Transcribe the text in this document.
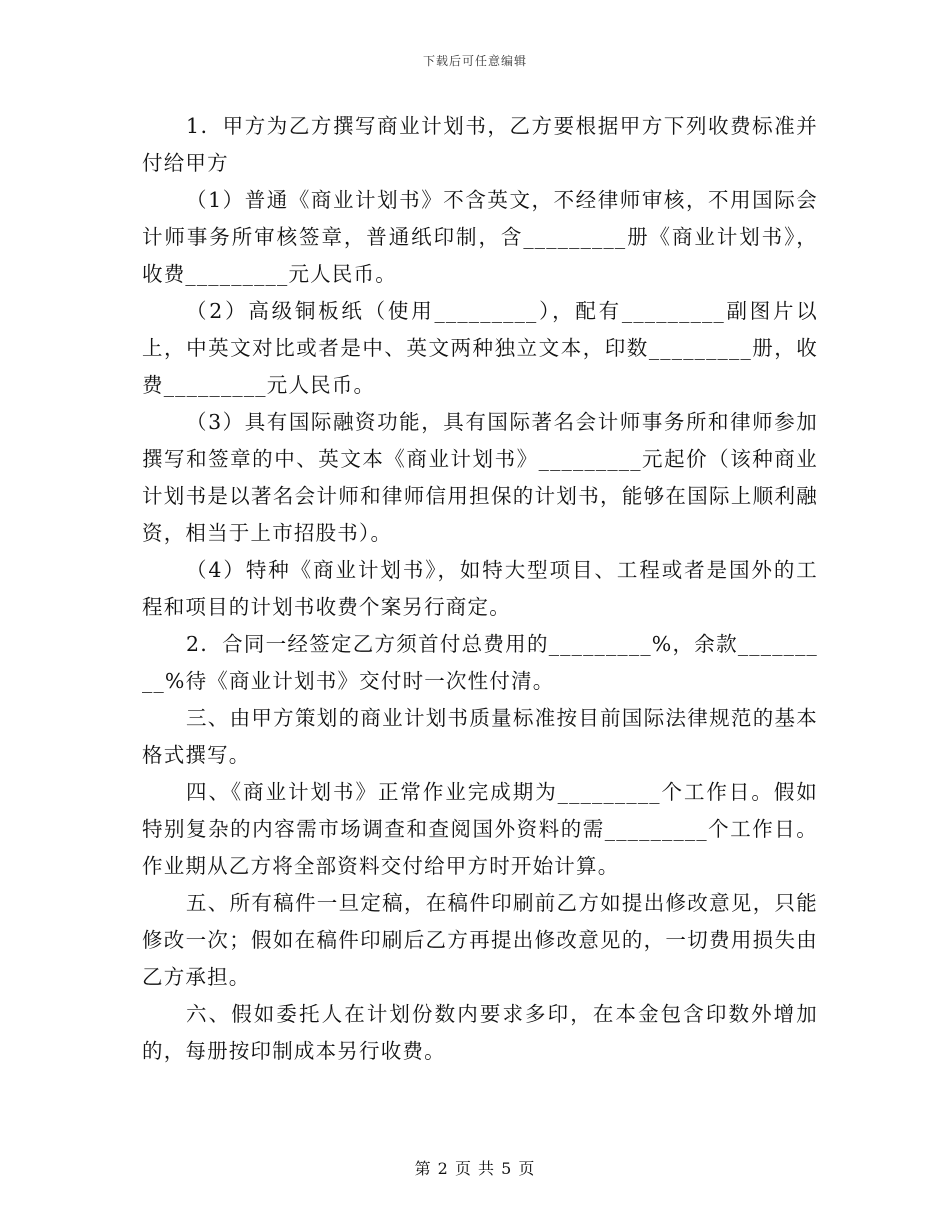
下载后可任意编辑

1．甲方为乙方撰写商业计划书，乙方要根据甲方下列收费标准并付给甲方

（1）普通《商业计划书》不含英文，不经律师审核，不用国际会计师事务所审核签章，普通纸印制，含_________册《商业计划书》，收费_________元人民币。

（2）高级铜板纸（使用_________），配有_________副图片以上，中英文对比或者是中、英文两种独立文本，印数_________册，收费_________元人民币。

（3）具有国际融资功能，具有国际著名会计师事务所和律师参加撰写和签章的中、英文本《商业计划书》_________元起价（该种商业计划书是以著名会计师和律师信用担保的计划书，能够在国际上顺利融资，相当于上市招股书）。

（4）特种《商业计划书》，如特大型项目、工程或者是国外的工程和项目的计划书收费个案另行商定。

2．合同一经签定乙方须首付总费用的_________%，余款_________%待《商业计划书》交付时一次性付清。

三、由甲方策划的商业计划书质量标准按目前国际法律规范的基本格式撰写。

四、《商业计划书》正常作业完成期为_________个工作日。假如特别复杂的内容需市场调查和查阅国外资料的需_________个工作日。作业期从乙方将全部资料交付给甲方时开始计算。

五、所有稿件一旦定稿，在稿件印刷前乙方如提出修改意见，只能修改一次；假如在稿件印刷后乙方再提出修改意见的，一切费用损失由乙方承担。

六、假如委托人在计划份数内要求多印，在本金包含印数外增加的，每册按印制成本另行收费。

第 2 页 共 5 页
